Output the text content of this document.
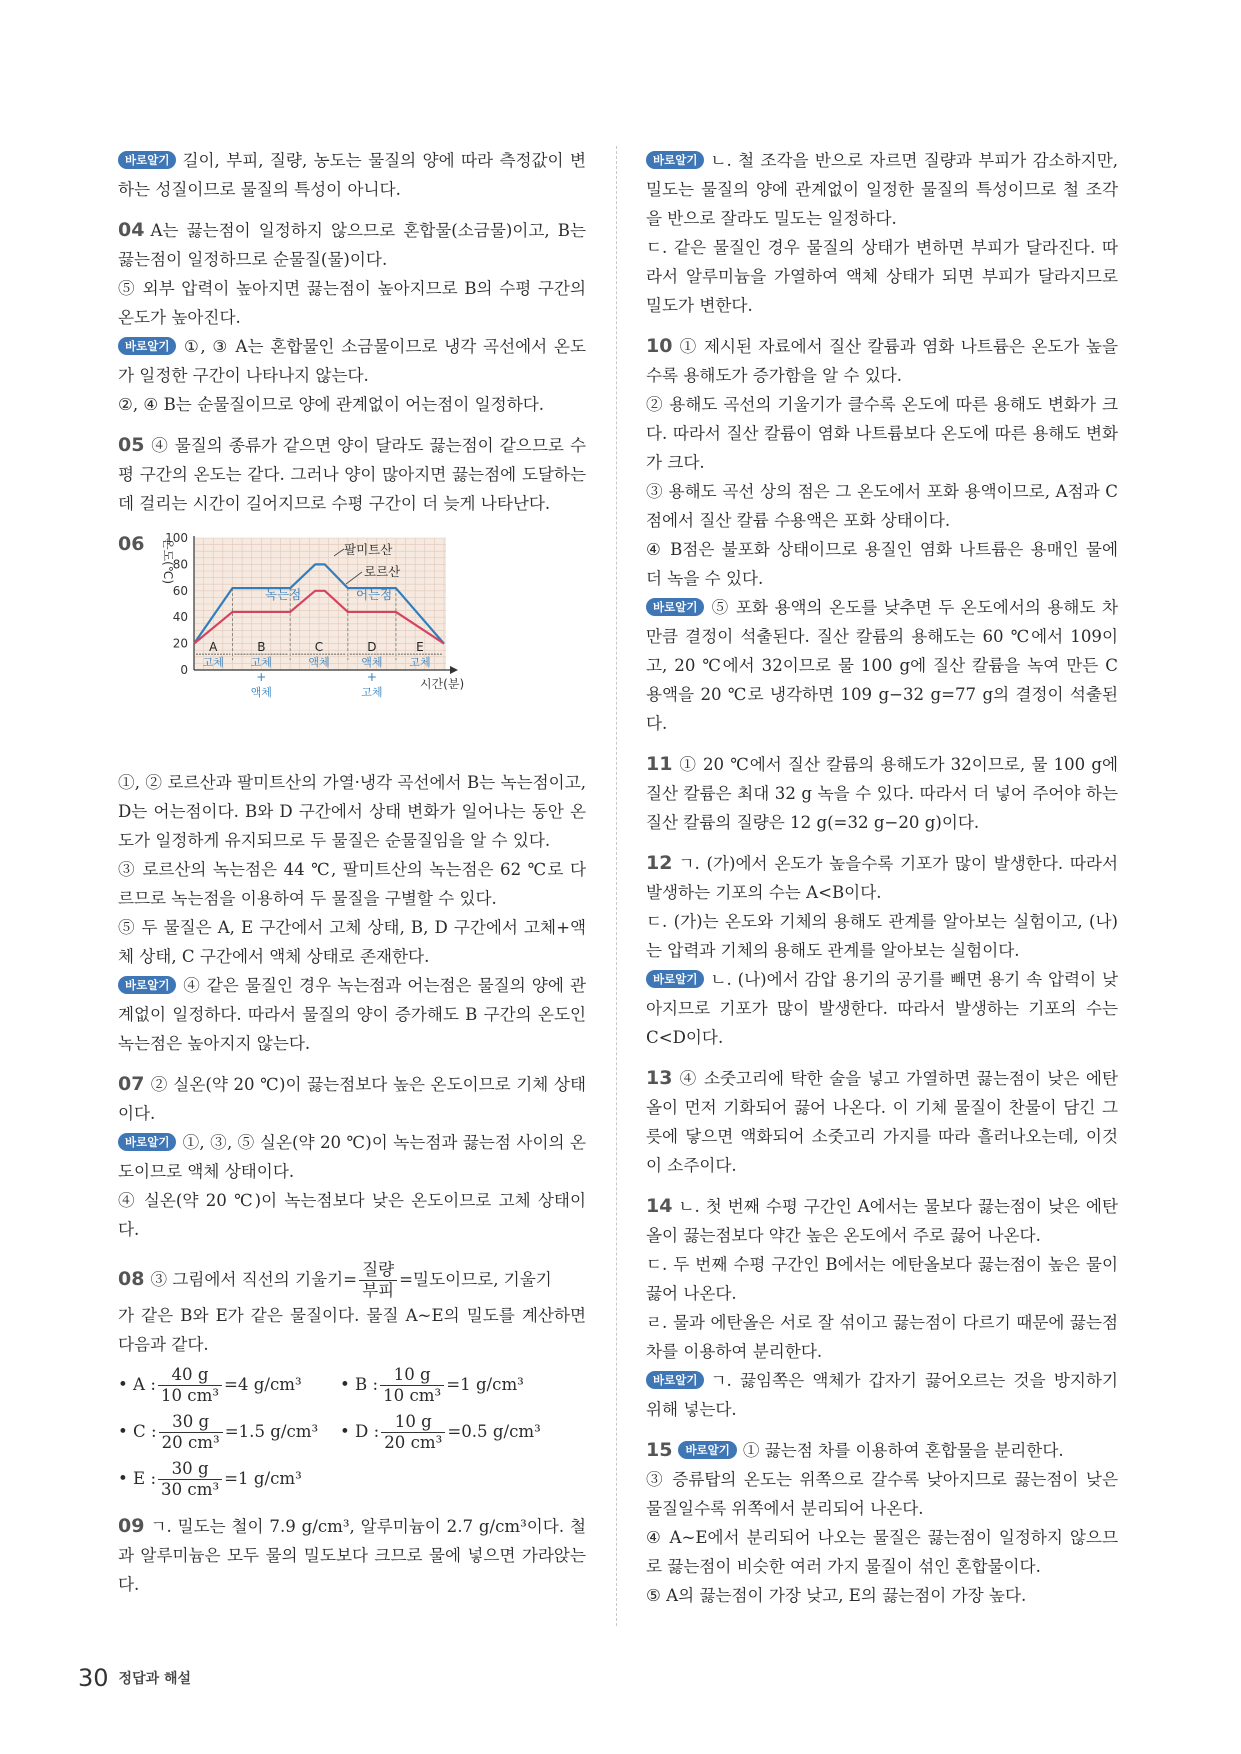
바로알기 길이, 부피, 질량, 농도는 물질의 양에 따라 측정값이 변하는 성질이므로 물질의 특성이 아니다.

04 A는 끓는점이 일정하지 않으므로 혼합물(소금물)이고, B는 끓는점이 일정하므로 순물질(물)이다.

⑤ 외부 압력이 높아지면 끓는점이 높아지므로 B의 수평 구간의 온도가 높아진다.

바로알기 ①, ③ A는 혼합물인 소금물이므로 냉각 곡선에서 온도가 일정한 구간이 나타나지 않는다.

②, ④ B는 순물질이므로 양에 관계없이 어는점이 일정하다.

05 ④ 물질의 종류가 같으면 양이 달라도 끓는점이 같으므로 수평 구간의 온도는 같다. 그러나 양이 많아지면 끓는점에 도달하는 데 걸리는 시간이 길어지므로 수평 구간이 더 늦게 나타난다.

06
0
20
40
60
80
100
온도(℃)
시간(분)
팔미트산
로르산
녹는점	어는점
A
고체
B
고체
+
액체
C
액체
D
액체
+
고체
E
고체

①, ② 로르산과 팔미트산의 가열·냉각 곡선에서 B는 녹는점이고, D는 어는점이다. B와 D 구간에서 상태 변화가 일어나는 동안 온도가 일정하게 유지되므로 두 물질은 순물질임을 알 수 있다.

③ 로르산의 녹는점은 44 ℃, 팔미트산의 녹는점은 62 ℃로 다르므로 녹는점을 이용하여 두 물질을 구별할 수 있다.

⑤ 두 물질은 A, E 구간에서 고체 상태, B, D 구간에서 고체+액체 상태, C 구간에서 액체 상태로 존재한다.

바로알기 ④ 같은 물질인 경우 녹는점과 어는점은 물질의 양에 관계없이 일정하다. 따라서 물질의 양이 증가해도 B 구간의 온도인 녹는점은 높아지지 않는다.

07 ② 실온(약 20 ℃)이 끓는점보다 높은 온도이므로 기체 상태이다.

바로알기 ①, ③, ⑤ 실온(약 20 ℃)이 녹는점과 끓는점 사이의 온도이므로 액체 상태이다.

④ 실온(약 20 ℃)이 녹는점보다 낮은 온도이므로 고체 상태이다.

08 ③ 그림에서 직선의 기울기= $\frac{\text{질량}}{\text{부피}}$ =밀도이므로, 기울기

가 같은 B와 E가 같은 물질이다. 물질 A~E의 밀도를 계산하면 다음과 같다.

• A : $\frac{40 g}{\text{10 cm³}} =4$ g/cm³	• B : $\frac{10 g}{\text{10 cm³}} =1$ g/cm³
• C : $\frac{30 g}{\text{20 cm³}} =1.5$ g/cm³	• D : $\frac{10 g}{\text{20 cm³}} =0.5$ g/cm³
• E : $\frac{30 g}{\text{30 cm³}} =1$ g/cm³

09 ㄱ. 밀도는 철이 7.9 g/cm³, 알루미늄이 2.7 g/cm³이다. 철과 알루미늄은 모두 물의 밀도보다 크므로 물에 넣으면 가라앉는다.

바로알기 ㄴ. 철 조각을 반으로 자르면 질량과 부피가 감소하지만, 밀도는 물질의 양에 관계없이 일정한 물질의 특성이므로 철 조각을 반으로 잘라도 밀도는 일정하다.

ㄷ. 같은 물질인 경우 물질의 상태가 변하면 부피가 달라진다. 따라서 알루미늄을 가열하여 액체 상태가 되면 부피가 달라지므로 밀도가 변한다.

10 ① 제시된 자료에서 질산 칼륨과 염화 나트륨은 온도가 높을수록 용해도가 증가함을 알 수 있다.

② 용해도 곡선의 기울기가 클수록 온도에 따른 용해도 변화가 크다. 따라서 질산 칼륨이 염화 나트륨보다 온도에 따른 용해도 변화가 크다.

③ 용해도 곡선 상의 점은 그 온도에서 포화 용액이므로, A점과 C점에서 질산 칼륨 수용액은 포화 상태이다.

④ B점은 불포화 상태이므로 용질인 염화 나트륨은 용매인 물에 더 녹을 수 있다.

바로알기 ⑤ 포화 용액의 온도를 낮추면 두 온도에서의 용해도 차만큼 결정이 석출된다. 질산 칼륨의 용해도는 60 ℃에서 109이고, 20 ℃에서 32이므로 물 100 g에 질산 칼륨을 녹여 만든 C 용액을 20 ℃로 냉각하면 109 g−32 g=77 g의 결정이 석출된다.

11 ① 20 ℃에서 질산 칼륨의 용해도가 32이므로, 물 100 g에 질산 칼륨은 최대 32 g 녹을 수 있다. 따라서 더 넣어 주어야 하는 질산 칼륨의 질량은 12 g(=32 g−20 g)이다.

12 ㄱ. (가)에서 온도가 높을수록 기포가 많이 발생한다. 따라서 발생하는 기포의 수는 A<B이다.

ㄷ. (가)는 온도와 기체의 용해도 관계를 알아보는 실험이고, (나)는 압력과 기체의 용해도 관계를 알아보는 실험이다.

바로알기 ㄴ. (나)에서 감압 용기의 공기를 빼면 용기 속 압력이 낮아지므로 기포가 많이 발생한다. 따라서 발생하는 기포의 수는 C<D이다.

13 ④ 소줏고리에 탁한 술을 넣고 가열하면 끓는점이 낮은 에탄올이 먼저 기화되어 끓어 나온다. 이 기체 물질이 찬물이 담긴 그릇에 닿으면 액화되어 소줏고리 가지를 따라 흘러나오는데, 이것이 소주이다.

14 ㄴ. 첫 번째 수평 구간인 A에서는 물보다 끓는점이 낮은 에탄올이 끓는점보다 약간 높은 온도에서 주로 끓어 나온다.

ㄷ. 두 번째 수평 구간인 B에서는 에탄올보다 끓는점이 높은 물이 끓어 나온다.

ㄹ. 물과 에탄올은 서로 잘 섞이고 끓는점이 다르기 때문에 끓는점 차를 이용하여 분리한다.

바로알기 ㄱ. 끓임쪽은 액체가 갑자기 끓어오르는 것을 방지하기 위해 넣는다.

15 바로알기 ① 끓는점 차를 이용하여 혼합물을 분리한다.

③ 증류탑의 온도는 위쪽으로 갈수록 낮아지므로 끓는점이 낮은 물질일수록 위쪽에서 분리되어 나온다.

④ A~E에서 분리되어 나오는 물질은 끓는점이 일정하지 않으므로 끓는점이 비슷한 여러 가지 물질이 섞인 혼합물이다.

⑤ A의 끓는점이 가장 낮고, E의 끓는점이 가장 높다.

30 정답과 해설
